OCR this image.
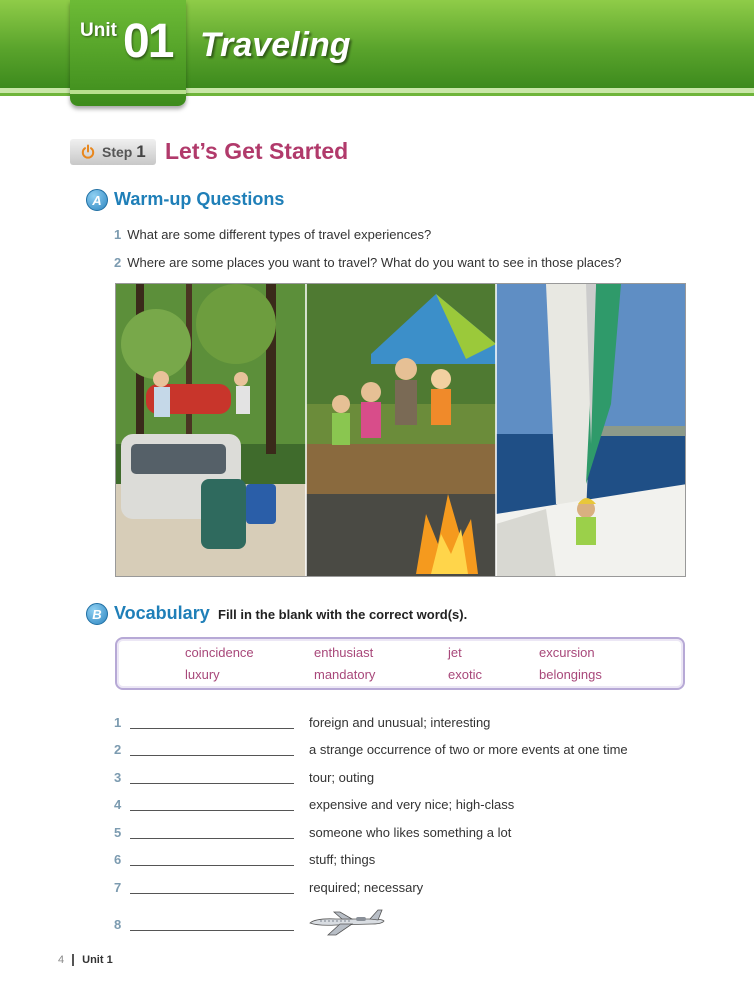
Unit 01 Traveling
Step 1 Let’s Get Started
A Warm-up Questions
1 What are some different types of travel experiences?
2 Where are some places you want to travel? What do you want to see in those places?
B Vocabulary Fill in the blank with the correct word(s).
coincidence	enthusiast	jet	excursion
luxury	mandatory	exotic	belongings
1	foreign and unusual; interesting
2	a strange occurrence of two or more events at one time
3	tour; outing
4	expensive and very nice; high-class
5	someone who likes something a lot
6	stuff; things
7	required; necessary
8
4 Unit 1
